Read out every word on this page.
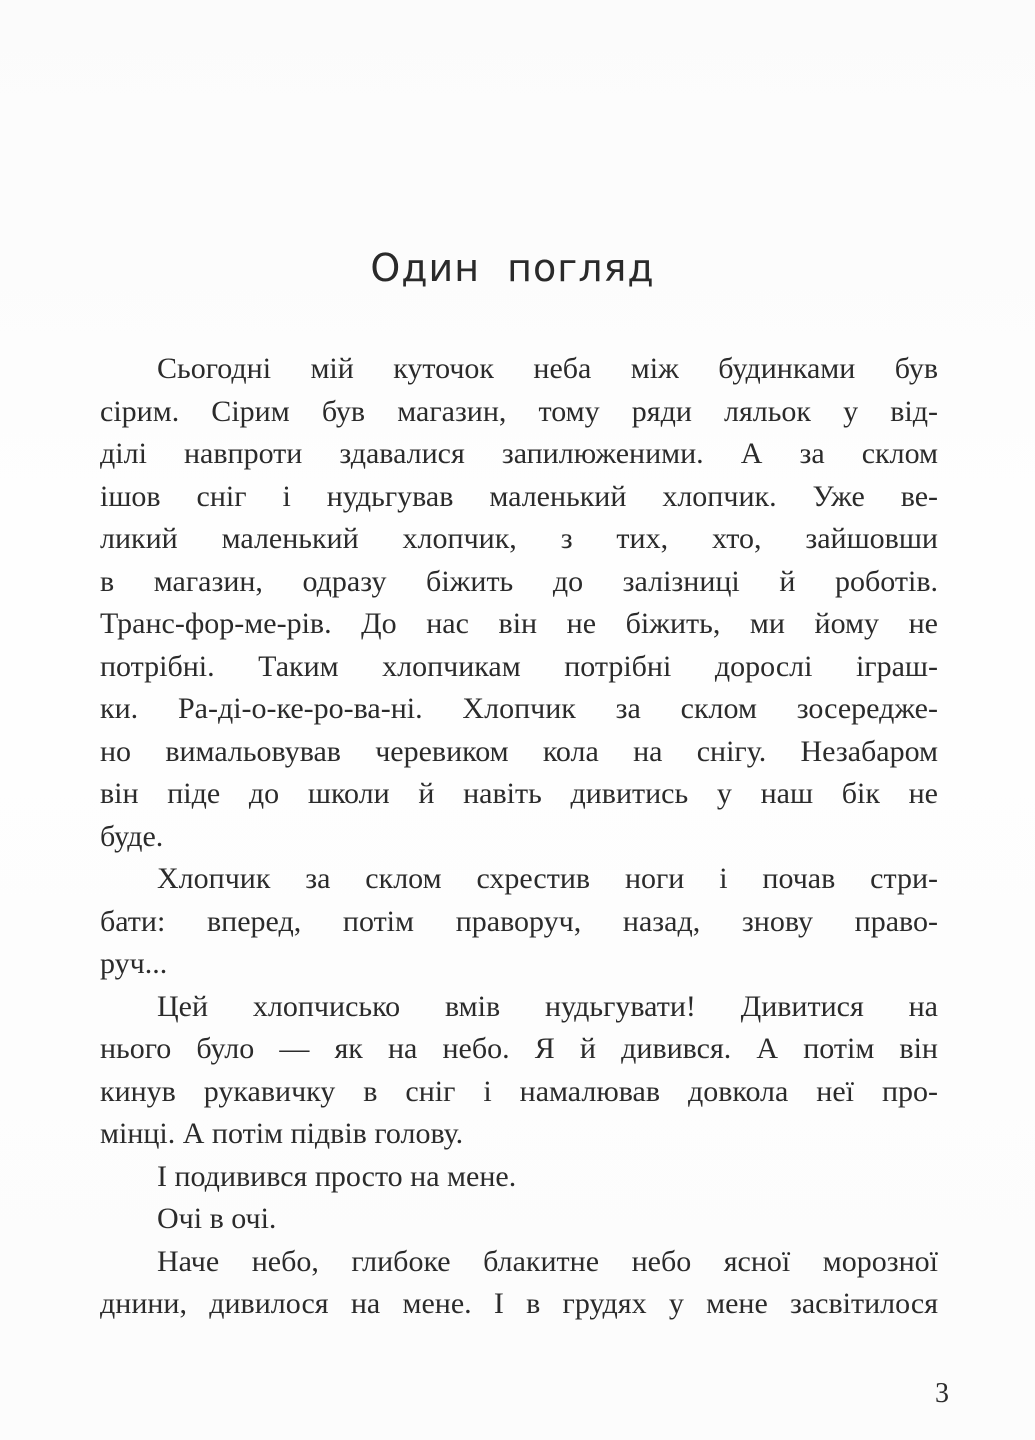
Один погляд
Сьогодні мій куточок неба між будинками був
сірим. Сірим був магазин, тому ряди ляльок у від-
ділі навпроти здавалися запилюженими. А за склом
ішов сніг і нудьгував маленький хлопчик. Уже ве-
ликий маленький хлопчик, з тих, хто, зайшовши
в магазин, одразу біжить до залізниці й роботів.
Транс-фор-ме-рів. До нас він не біжить, ми йому не
потрібні. Таким хлопчикам потрібні дорослі іграш-
ки. Ра-ді-о-ке-ро-ва-ні. Хлопчик за склом зосередже-
но вимальовував черевиком кола на снігу. Незабаром
він піде до школи й навіть дивитись у наш бік не
буде.
Хлопчик за склом схрестив ноги і почав стри-
бати: вперед, потім праворуч, назад, знову право-
руч...
Цей хлопчисько вмів нудьгувати! Дивитися на
нього було — як на небо. Я й дивився. А потім він
кинув рукавичку в сніг і намалював довкола неї про-
мінці. А потім підвів голову.
І подивився просто на мене.
Очі в очі.
Наче небо, глибоке блакитне небо ясної морозної
днини, дивилося на мене. І в грудях у мене засвітилося
3
